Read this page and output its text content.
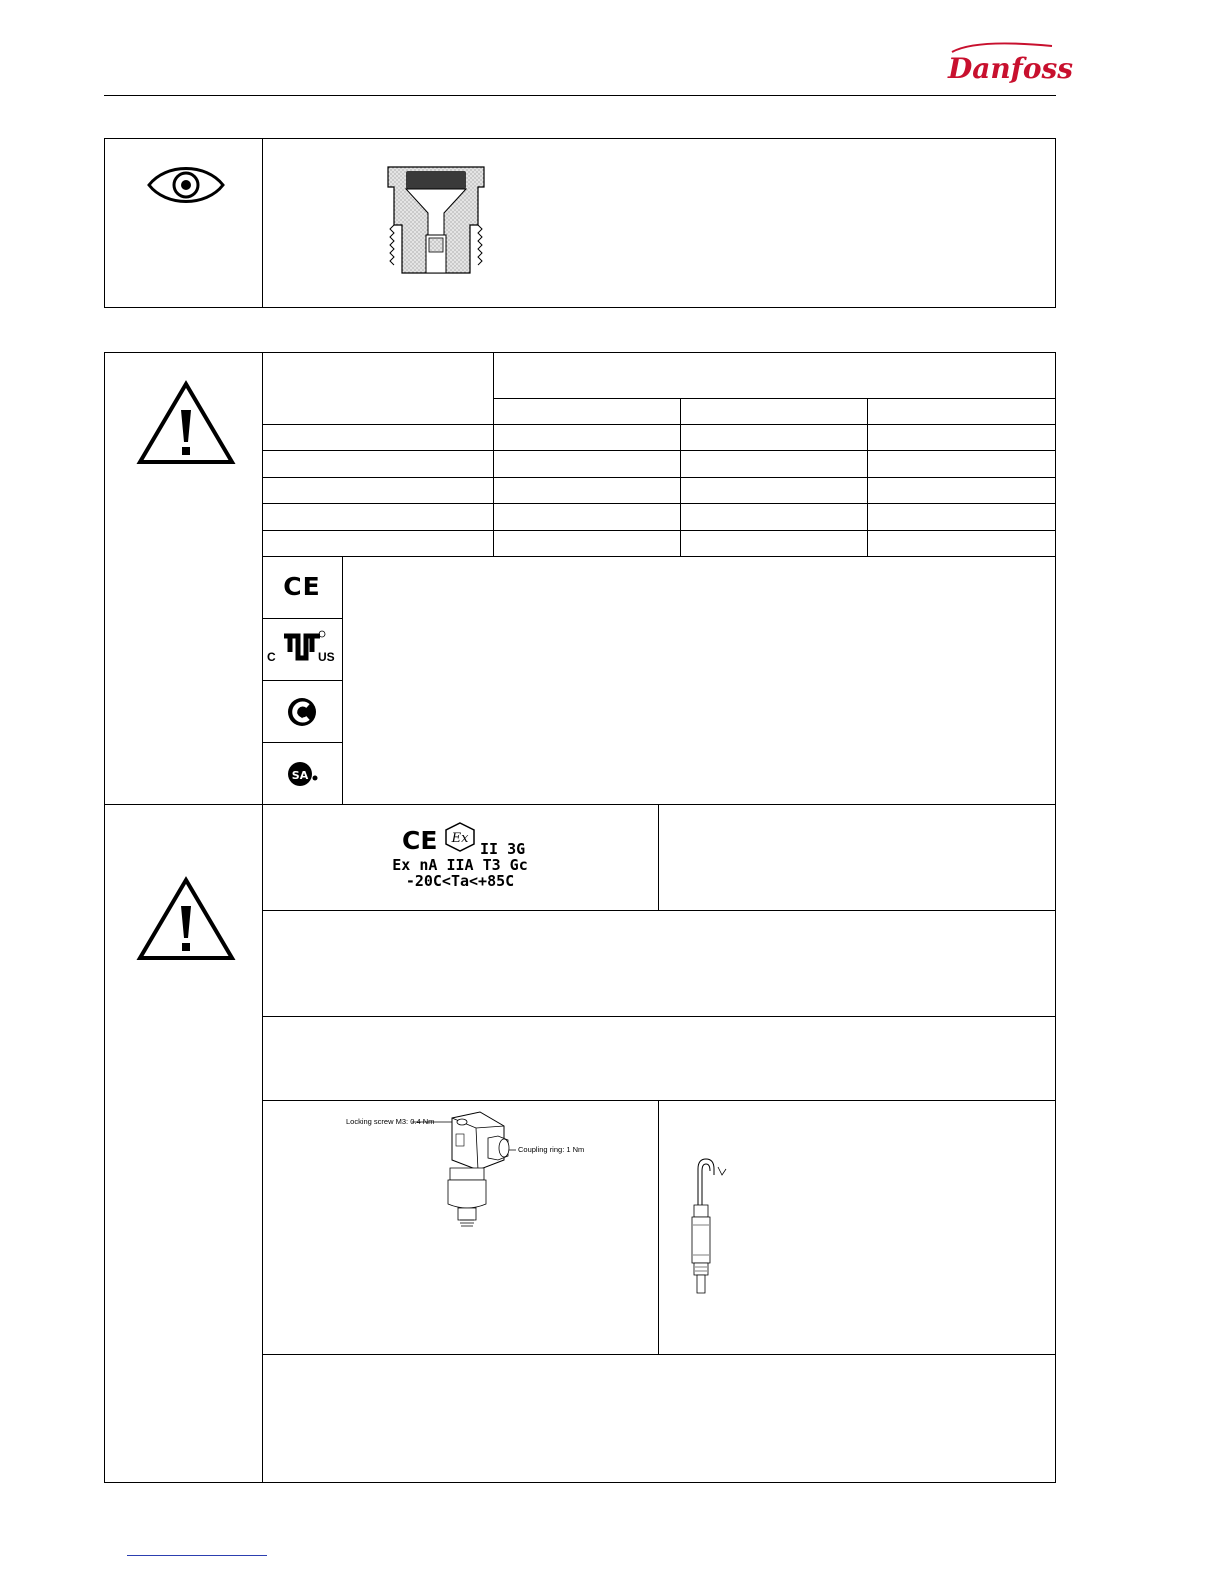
Danfoss
CE
C	US
SA
CE Ex
II 3G
Ex nA IIA T3 Gc
-20C<Ta<+85C
Locking screw M3: 0.4 Nm
Coupling ring: 1 Nm
